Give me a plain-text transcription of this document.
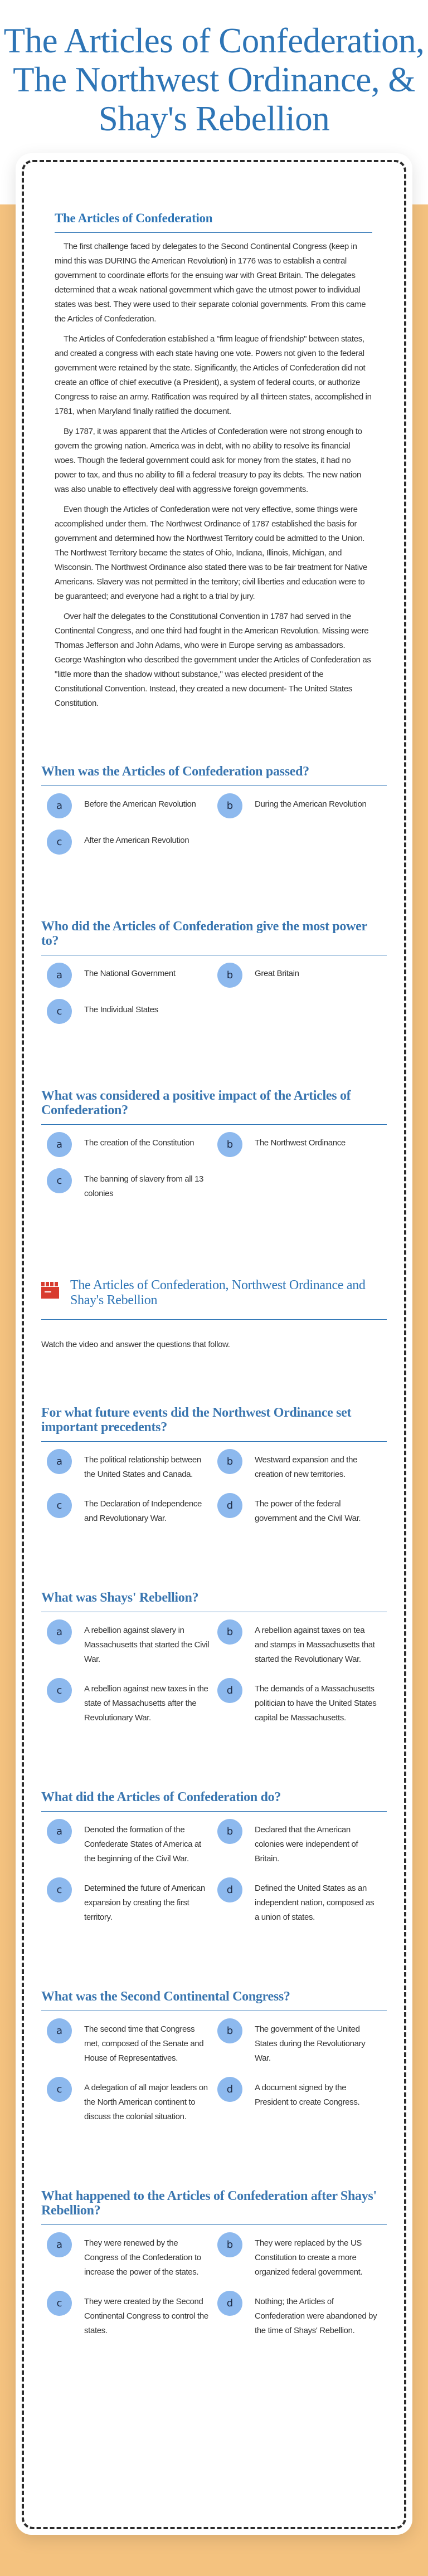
The Articles of Confederation, The Northwest Ordinance, & Shay's Rebellion
The Articles of Confederation

The first challenge faced by delegates to the Second Continental Congress (keep in mind this was DURING the American Revolution) in 1776 was to establish a central government to coordinate efforts for the ensuing war with Great Britain. The delegates determined that a weak national government which gave the utmost power to individual states was best. They were used to their separate colonial governments. From this came the Articles of Confederation.

The Articles of Confederation established a "firm league of friendship" between states, and created a congress with each state having one vote. Powers not given to the federal government were retained by the state. Significantly, the Articles of Confederation did not create an office of chief executive (a President), a system of federal courts, or authorize Congress to raise an army. Ratification was required by all thirteen states, accomplished in 1781, when Maryland finally ratified the document.

By 1787, it was apparent that the Articles of Confederation were not strong enough to govern the growing nation. America was in debt, with no ability to resolve its financial woes. Though the federal government could ask for money from the states, it had no power to tax, and thus no ability to fill a federal treasury to pay its debts. The new nation was also unable to effectively deal with aggressive foreign governments.

Even though the Articles of Confederation were not very effective, some things were accomplished under them. The Northwest Ordinance of 1787 established the basis for government and determined how the Northwest Territory could be admitted to the Union. The Northwest Territory became the states of Ohio, Indiana, Illinois, Michigan, and Wisconsin. The Northwest Ordinance also stated there was to be fair treatment for Native Americans. Slavery was not permitted in the territory; civil liberties and education were to be guaranteed; and everyone had a right to a trial by jury.

Over half the delegates to the Constitutional Convention in 1787 had served in the Continental Congress, and one third had fought in the American Revolution. Missing were Thomas Jefferson and John Adams, who were in Europe serving as ambassadors. George Washington who described the government under the Articles of Confederation as "little more than the shadow without substance," was elected president of the Constitutional Convention. Instead, they created a new document- The United States Constitution.

When was the Articles of Confederation passed?
a	Before the American Revolution	b	During the American Revolution
c	After the American Revolution
Who did the Articles of Confederation give the most power to?
a	The National Government	b	Great Britain
c	The Individual States
What was considered a positive impact of the Articles of Confederation?
a	The creation of the Constitution	b	The Northwest Ordinance
c	The banning of slavery from all 13 colonies
The Articles of Confederation, Northwest Ordinance and Shay's Rebellion
Watch the video and answer the questions that follow.
For what future events did the Northwest Ordinance set important precedents?
a	The political relationship between the United States and Canada.
b	Westward expansion and the creation of new territories.
c	The Declaration of Independence and Revolutionary War.
d	The power of the federal government and the Civil War.
What was Shays' Rebellion?
a	A rebellion against slavery in Massachusetts that started the Civil War.
b	A rebellion against taxes on tea and stamps in Massachusetts that started the Revolutionary War.
c	A rebellion against new taxes in the state of Massachusetts after the Revolutionary War.
d	The demands of a Massachusetts politician to have the United States capital be Massachusetts.
What did the Articles of Confederation do?
a	Denoted the formation of the Confederate States of America at the beginning of the Civil War.
b	Declared that the American colonies were independent of Britain.
c	Determined the future of American expansion by creating the first territory.
d	Defined the United States as an independent nation, composed as a union of states.
What was the Second Continental Congress?
a	The second time that Congress met, composed of the Senate and House of Representatives.
b	The government of the United States during the Revolutionary War.
c	A delegation of all major leaders on the North American continent to discuss the colonial situation.
d	A document signed by the President to create Congress.
What happened to the Articles of Confederation after Shays' Rebellion?
a	They were renewed by the Congress of the Confederation to increase the power of the states.
b	They were replaced by the US Constitution to create a more organized federal government.
c	They were created by the Second Continental Congress to control the states.
d	Nothing; the Articles of Confederation were abandoned by the time of Shays' Rebellion.
